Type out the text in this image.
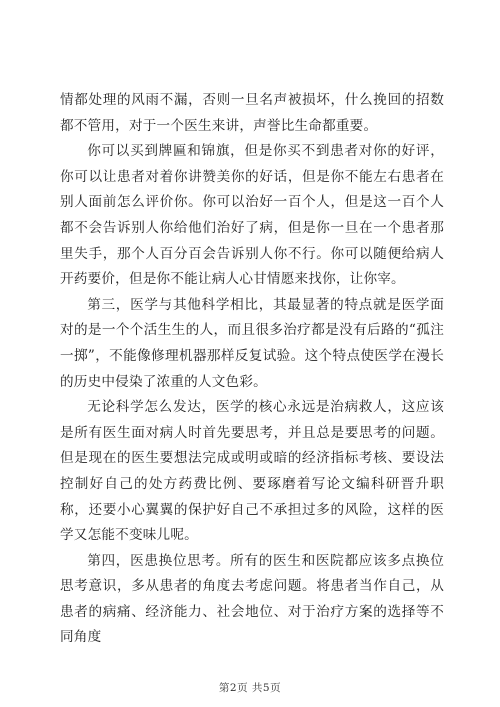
情都处理的风雨不漏，否则一旦名声被损坏，什么挽回的招数都不管用，对于一个医生来讲，声誉比生命都重要。

你可以买到牌匾和锦旗，但是你买不到患者对你的好评，你可以让患者对着你讲赞美你的好话，但是你不能左右患者在别人面前怎么评价你。你可以治好一百个人，但是这一百个人都不会告诉别人你给他们治好了病，但是你一旦在一个患者那里失手，那个人百分百会告诉别人你不行。你可以随便给病人开药要价，但是你不能让病人心甘情愿来找你，让你宰。

第三，医学与其他科学相比，其最显著的特点就是医学面对的是一个个活生生的人，而且很多治疗都是没有后路的“孤注一掷”，不能像修理机器那样反复试验。这个特点使医学在漫长的历史中侵染了浓重的人文色彩。

无论科学怎么发达，医学的核心永远是治病救人，这应该是所有医生面对病人时首先要思考，并且总是要思考的问题。但是现在的医生要想法完成或明或暗的经济指标考核、要设法控制好自己的处方药费比例、要琢磨着写论文编科研晋升职称，还要小心翼翼的保护好自己不承担过多的风险，这样的医学又怎能不变味儿呢。

第四，医患换位思考。所有的医生和医院都应该多点换位思考意识，多从患者的角度去考虑问题。将患者当作自己，从患者的病痛、经济能力、社会地位、对于治疗方案的选择等不同角度

第2页 共5页
